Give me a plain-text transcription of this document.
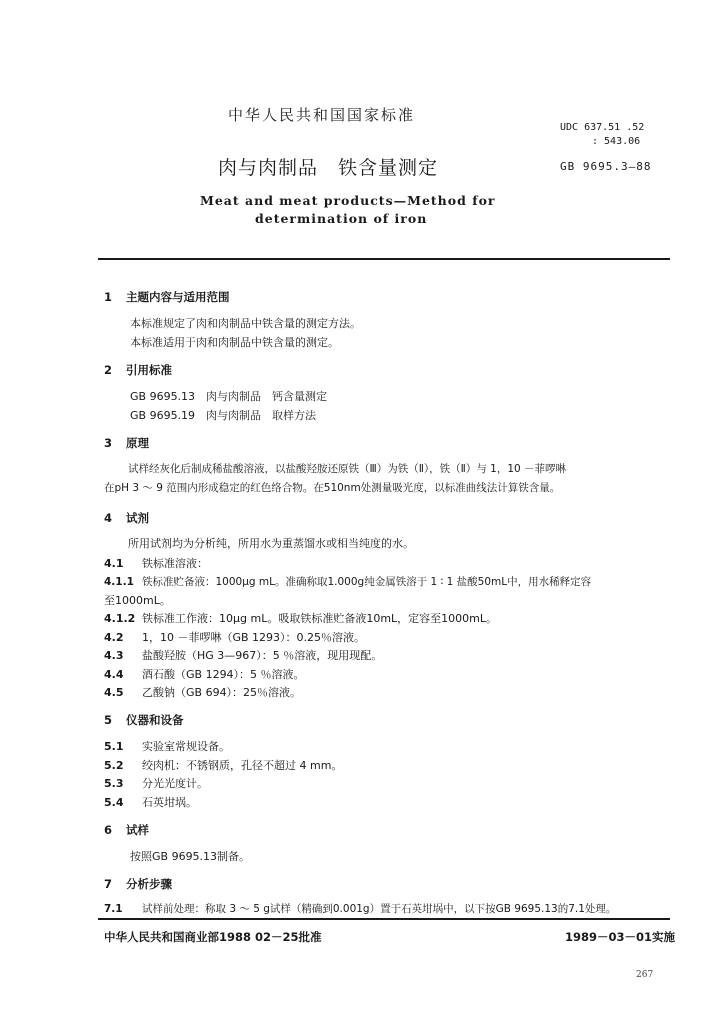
中华人民共和国国家标准
UDC 637.51 .52
: 543.06
肉与肉制品　铁含量测定	GB 9695.3—88
Meat and meat products—Method for
determination of iron
1 主题内容与适用范围
本标准规定了肉和肉制品中铁含量的测定方法。
本标准适用于肉和肉制品中铁含量的测定。
2 引用标准
GB 9695.13　肉与肉制品　钙含量测定
GB 9695.19　肉与肉制品　取样方法
3 原理
试样经灰化后制成稀盐酸溶液，以盐酸羟胺还原铁（Ⅲ）为铁（Ⅱ），铁（Ⅱ）与 1，10 －菲啰啉
在pH 3 ～ 9 范围内形成稳定的红色络合物。在510nm处测量吸光度，以标准曲线法计算铁含量。
4 试剂
所用试剂均为分析纯，所用水为重蒸馏水或相当纯度的水。
4.1 铁标准溶液：
4.1.1 铁标准贮备液：1000μg mL。准确称取1.000g纯金属铁溶于 1 ∶ 1 盐酸50mL中，用水稀释定容
至1000mL。
4.1.2 铁标准工作液：10μg mL。吸取铁标准贮备液10mL，定容至1000mL。
4.2 1，10 －菲啰啉（GB 1293）：0.25％溶液。
4.3 盐酸羟胺（HG 3—967）：5 ％溶液，现用现配。
4.4 酒石酸（GB 1294）：5 ％溶液。
4.5 乙酸钠（GB 694）：25％溶液。
5 仪器和设备
5.1 实验室常规设备。
5.2 绞肉机：不锈钢质，孔径不超过 4 mm。
5.3 分光光度计。
5.4 石英坩埚。
6 试样
按照GB 9695.13制备。
7 分析步骤
7.1 试样前处理：称取 3 ～ 5 g试样（精确到0.001g）置于石英坩埚中，以下按GB 9695.13的7.1处理。
中华人民共和国商业部1988 02－25批准	1989－03－01实施
267
